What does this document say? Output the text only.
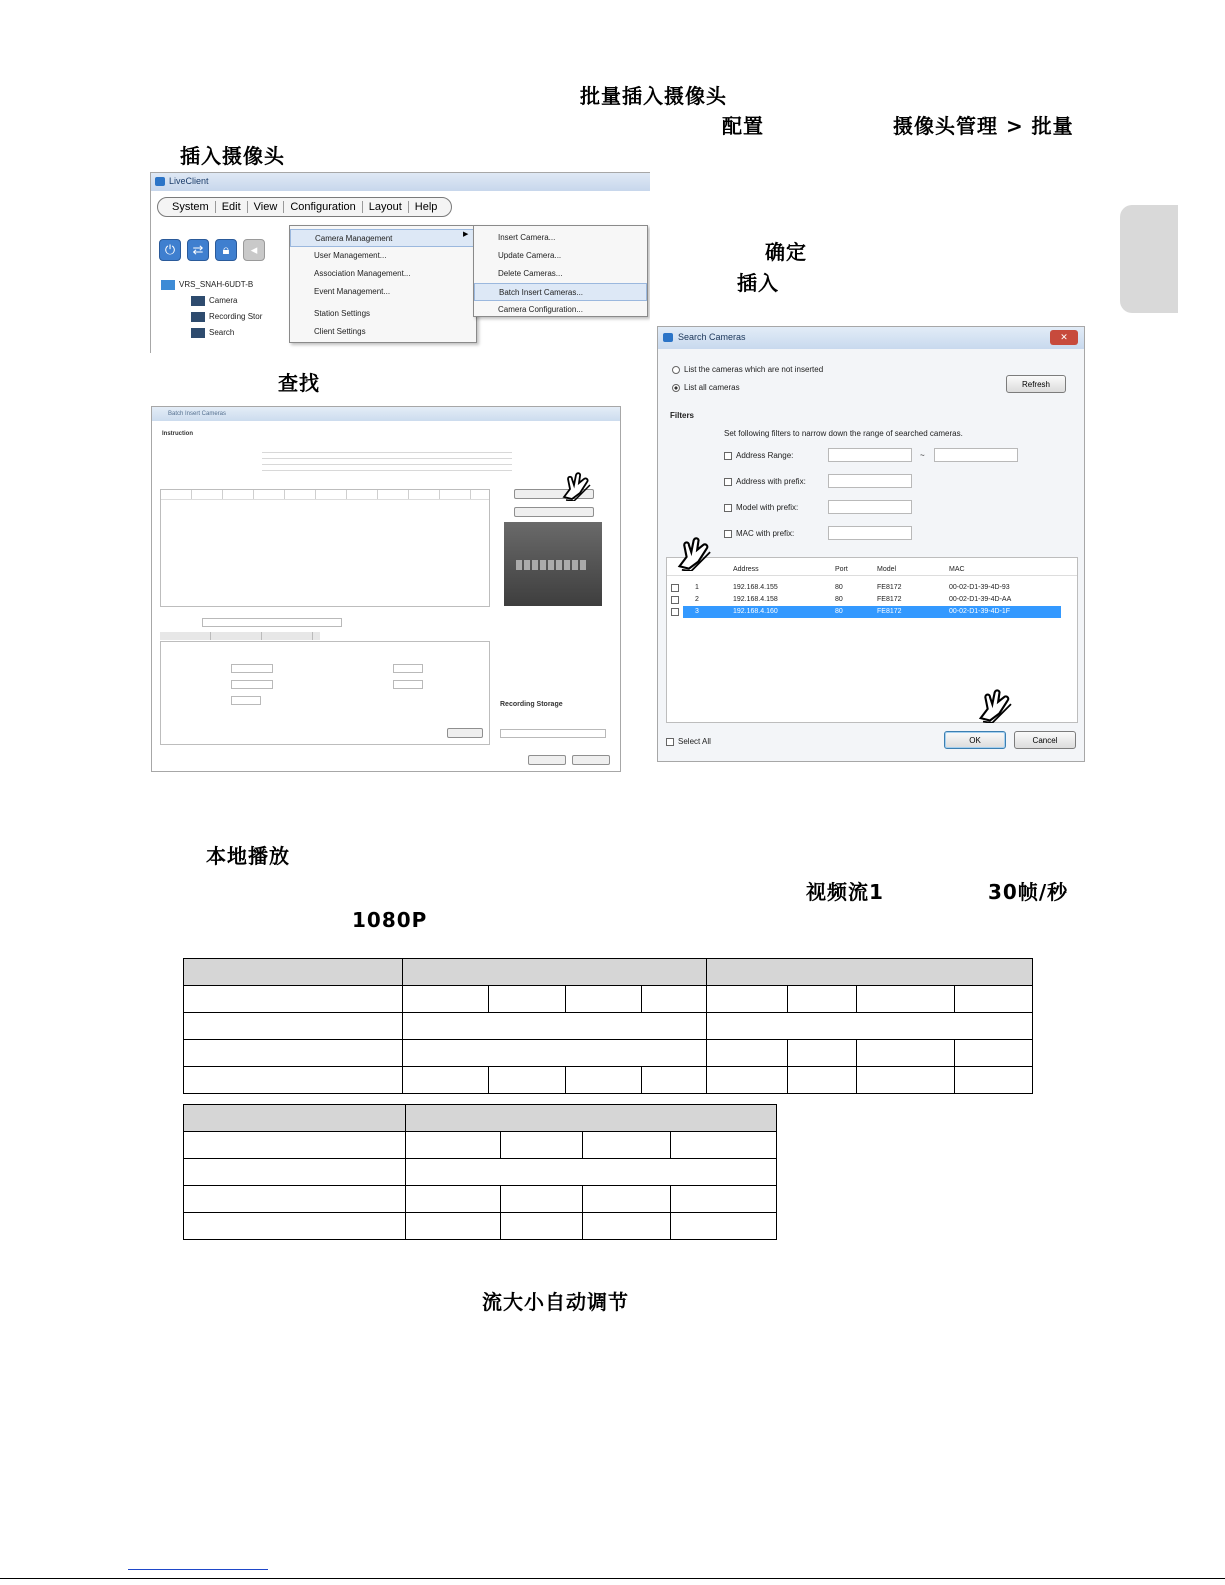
批量插入摄像头
配置	摄像头管理 > 批量
插入摄像头
LiveClient
System	Edit	View	Configuration	Layout	Help
⏻	⇄	🔒︎	◂
VRS_SNAH-6UDT-B
Camera
Recording Stor
Search
Camera Management
User Management...
Association Management...
Event Management...
Station Settings
Client Settings
▶	Insert Camera...
Update Camera...
Delete Cameras...
Batch Insert Cameras...
Camera Configuration...
确定
插入
查找
Batch Insert Cameras
Instruction
Recording Storage
Search Cameras	✕
List the cameras which are not inserted
List all cameras	Refresh
Filters
Set following filters to narrow down the range of searched cameras.
Address Range:	~
Address with prefix:
Model with prefix:
MAC with prefix:
Address	Port	Model	MAC
1	192.168.4.155	80	FE8172	00-02-D1-39-4D-93
2	192.168.4.158	80	FE8172	00-02-D1-39-4D-AA
3	192.168.4.160	80	FE8172	00-02-D1-39-4D-1F
Select All	OK	Cancel
本地播放
视频流1	30帧/秒
1080P

流大小自动调节
